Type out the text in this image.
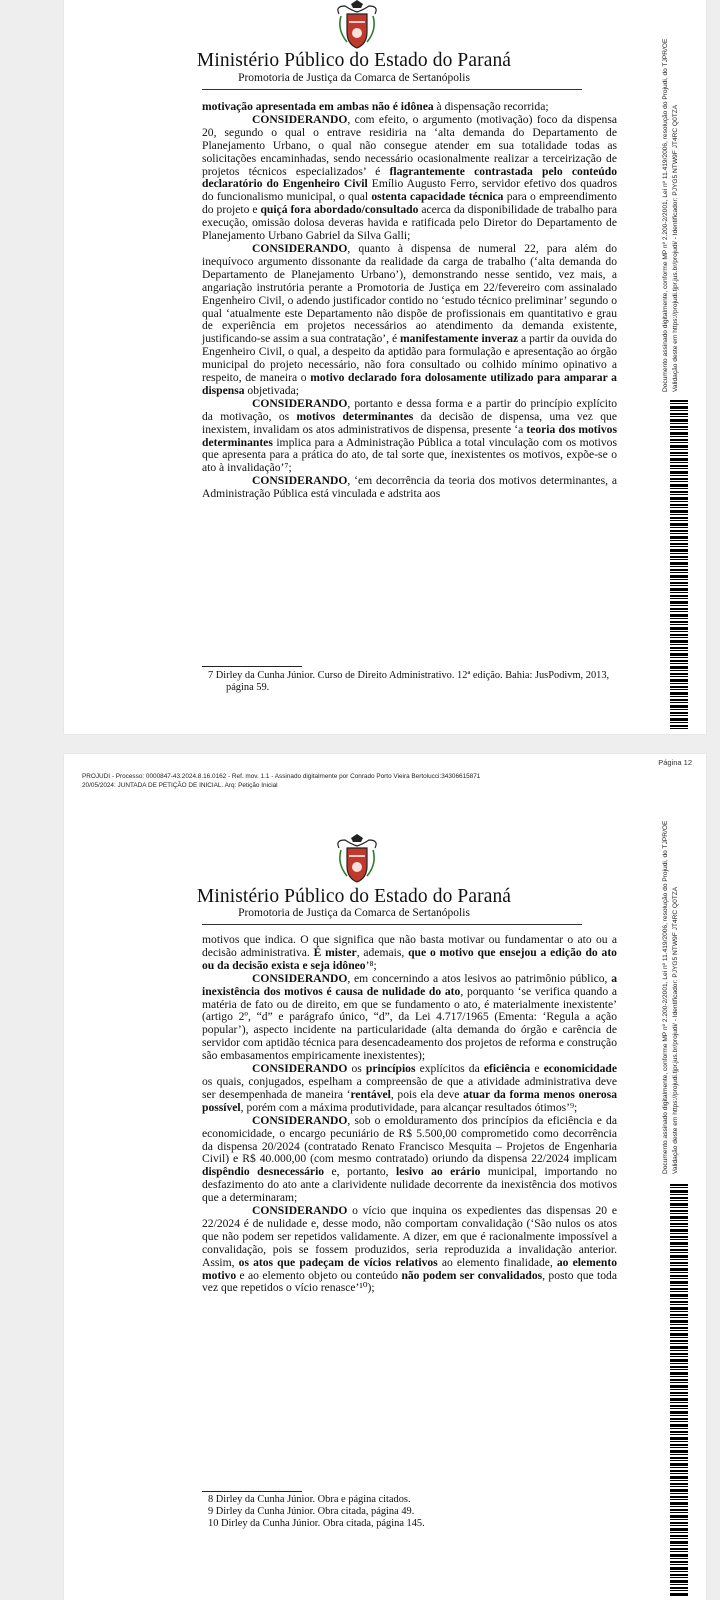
Ministério Público do Estado do Paraná
Promotoria de Justiça da Comarca de Sertanópolis

motivação apresentada em ambas não é idônea à dispensação recorrida;

CONSIDERANDO, com efeito, o argumento (motivação) foco da dispensa 20, segundo o qual o entrave residiria na ‘alta demanda do Departamento de Planejamento Urbano, o qual não consegue atender em sua totalidade todas as solicitações encaminhadas, sendo necessário ocasionalmente realizar a terceirização de projetos técnicos especializados’ é flagrantemente contrastada pelo conteúdo declaratório do Engenheiro Civil Emílio Augusto Ferro, servidor efetivo dos quadros do funcionalismo municipal, o qual ostenta capacidade técnica para o empreendimento do projeto e quiçá fora abordado/consultado acerca da disponibilidade de trabalho para execução, omissão dolosa deveras havida e ratificada pelo Diretor do Departamento de Planejamento Urbano Gabriel da Silva Galli;

CONSIDERANDO, quanto à dispensa de numeral 22, para além do inequívoco argumento dissonante da realidade da carga de trabalho (‘alta demanda do Departamento de Planejamento Urbano’), demonstrando nesse sentido, vez mais, a angariação instrutória perante a Promotoria de Justiça em 22/fevereiro com assinalado Engenheiro Civil, o adendo justificador contido no ‘estudo técnico preliminar’ segundo o qual ‘atualmente este Departamento não dispõe de profissionais em quantitativo e grau de experiência em projetos necessários ao atendimento da demanda existente, justificando-se assim a sua contratação’, é manifestamente inveraz a partir da ouvida do Engenheiro Civil, o qual, a despeito da aptidão para formulação e apresentação ao órgão municipal do projeto necessário, não fora consultado ou colhido mínimo opinativo a respeito, de maneira o motivo declarado fora dolosamente utilizado para amparar a dispensa objetivada;

CONSIDERANDO, portanto e dessa forma e a partir do princípio explícito da motivação, os motivos determinantes da decisão de dispensa, uma vez que inexistem, invalidam os atos administrativos de dispensa, presente ‘a teoria dos motivos determinantes implica para a Administração Pública a total vinculação com os motivos que apresenta para a prática do ato, de tal sorte que, inexistentes os motivos, expõe-se o ato à invalidação’⁷;

CONSIDERANDO, ‘em decorrência da teoria dos motivos determinantes, a Administração Pública está vinculada e adstrita aos

7 Dirley da Cunha Júnior. Curso de Direito Administrativo. 12ª edição. Bahia: JusPodivm, 2013, página 59.
Documento assinado digitalmente, conforme MP nº 2.200-2/2001, Lei nº 11.419/2006, resolução do Projudi, do TJPR/OE Validação deste em https://projudi.tjpr.jus.br/projudi/ - Identificador: PJYG5 NTW9F JT4RC Q0TZA
Página 12
PROJUDI - Processo: 0000847-43.2024.8.16.0162 - Ref. mov. 1.1 - Assinado digitalmente por Conrado Porto Vieira Bertolucci:34306615871
20/05/2024: JUNTADA DE PETIÇÃO DE INICIAL. Arq: Petição Inicial
Ministério Público do Estado do Paraná
Promotoria de Justiça da Comarca de Sertanópolis

motivos que indica. O que significa que não basta motivar ou fundamentar o ato ou a decisão administrativa. É mister, ademais, que o motivo que ensejou a edição do ato ou da decisão exista e seja idôneo’⁸;

CONSIDERANDO, em concernindo a atos lesivos ao patrimônio público, a inexistência dos motivos é causa de nulidade do ato, porquanto ‘se verifica quando a matéria de fato ou de direito, em que se fundamento o ato, é materialmente inexistente’ (artigo 2º, “d” e parágrafo único, “d”, da Lei 4.717/1965 (Ementa: ‘Regula a ação popular’), aspecto incidente na particularidade (alta demanda do órgão e carência de servidor com aptidão técnica para desencadeamento dos projetos de reforma e construção são embasamentos empiricamente inexistentes);

CONSIDERANDO os princípios explícitos da eficiência e economicidade os quais, conjugados, espelham a compreensão de que a atividade administrativa deve ser desempenhada de maneira ‘rentável, pois ela deve atuar da forma menos onerosa possível, porém com a máxima produtividade, para alcançar resultados ótimos’⁹;

CONSIDERANDO, sob o emolduramento dos princípios da eficiência e da economicidade, o encargo pecuniário de R$ 5.500,00 comprometido como decorrência da dispensa 20/2024 (contratado Renato Francisco Mesquita – Projetos de Engenharia Civil) e R$ 40.000,00 (com mesmo contratado) oriundo da dispensa 22/2024 implicam dispêndio desnecessário e, portanto, lesivo ao erário municipal, importando no desfazimento do ato ante a clarividente nulidade decorrente da inexistência dos motivos que a determinaram;

CONSIDERANDO o vício que inquina os expedientes das dispensas 20 e 22/2024 é de nulidade e, desse modo, não comportam convalidação (‘São nulos os atos que não podem ser repetidos validamente. A dizer, em que é racionalmente impossível a convalidação, pois se fossem produzidos, seria reproduzida a invalidação anterior. Assim, os atos que padeçam de vícios relativos ao elemento finalidade, ao elemento motivo e ao elemento objeto ou conteúdo não podem ser convalidados, posto que toda vez que repetidos o vício renasce’¹⁰);

8 Dirley da Cunha Júnior. Obra e página citados.
9 Dirley da Cunha Júnior. Obra citada, página 49.
10 Dirley da Cunha Júnior. Obra citada, página 145.
Documento assinado digitalmente, conforme MP nº 2.200-2/2001, Lei nº 11.419/2006, resolução do Projudi, do TJPR/OE Validação deste em https://projudi.tjpr.jus.br/projudi/ - Identificador: PJYG5 NTW9F JT4RC Q0TZA
